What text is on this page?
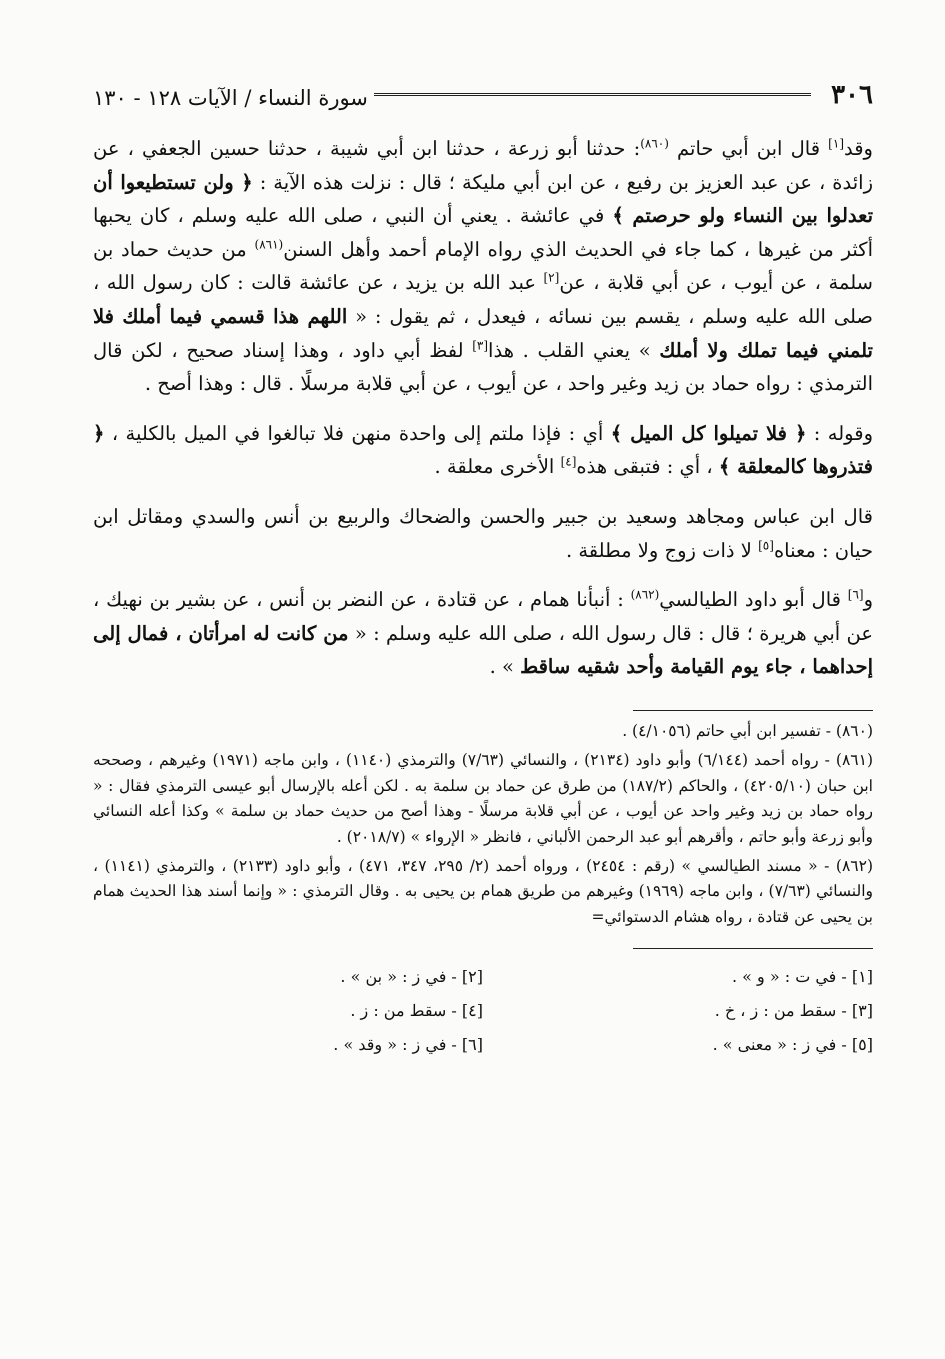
٣٠٦
سورة النساء / الآيات ١٢٨ - ١٣٠

وقد[١] قال ابن أبي حاتم $^{(٨٦٠)}$: حدثنا أبو زرعة ، حدثنا ابن أبي شيبة ، حدثنا حسين الجعفي ، عن زائدة ، عن عبد العزيز بن رفيع ، عن ابن أبي مليكة ؛ قال : نزلت هذه الآية : ﴿ ولن تستطيعوا أن تعدلوا بين النساء ولو حرصتم ﴾ في عائشة . يعني أن النبي ، صلى الله عليه وسلم ، كان يحبها أكثر من غيرها ، كما جاء في الحديث الذي رواه الإمام أحمد وأهل السنن$^{(٨٦١)}$ من حديث حماد بن سلمة ، عن أيوب ، عن أبي قلابة ، عن[٢] عبد الله بن يزيد ، عن عائشة قالت : كان رسول الله ، صلى الله عليه وسلم ، يقسم بين نسائه ، فيعدل ، ثم يقول : « اللهم هذا قسمي فيما أملك فلا تلمني فيما تملك ولا أملك » يعني القلب . هذا[٣] لفظ أبي داود ، وهذا إسناد صحيح ، لكن قال الترمذي : رواه حماد بن زيد وغير واحد ، عن أيوب ، عن أبي قلابة مرسلًا . قال : وهذا أصح .

وقوله : ﴿ فلا تميلوا كل الميل ﴾ أي : فإذا ملتم إلى واحدة منهن فلا تبالغوا في الميل بالكلية ، ﴿ فتذروها كالمعلقة ﴾ ، أي : فتبقى هذه[٤] الأخرى معلقة .

قال ابن عباس ومجاهد وسعيد بن جبير والحسن والضحاك والربيع بن أنس والسدي ومقاتل ابن حيان : معناه[٥] لا ذات زوج ولا مطلقة .

و[٦] قال أبو داود الطيالسي$^{(٨٦٢)}$ : أنبأنا همام ، عن قتادة ، عن النضر بن أنس ، عن بشير بن نهيك ، عن أبي هريرة ؛ قال : قال رسول الله ، صلى الله عليه وسلم : « من كانت له امرأتان ، فمال إلى إحداهما ، جاء يوم القيامة وأحد شقيه ساقط » .

(٨٦٠) - تفسير ابن أبي حاتم (٤/١٠٥٦) .

(٨٦١) - رواه أحمد (٦/١٤٤) وأبو داود (٢١٣٤) ، والنسائي (٧/٦٣) والترمذي (١١٤٠) ، وابن ماجه (١٩٧١) وغيرهم ، وصححه ابن حبان (٤٢٠٥/١٠) ، والحاكم (١٨٧/٢) من طرق عن حماد بن سلمة به . لكن أعله بالإرسال أبو عيسى الترمذي فقال : « رواه حماد بن زيد وغير واحد عن أيوب ، عن أبي قلابة مرسلًا - وهذا أصح من حديث حماد بن سلمة » وكذا أعله النسائي وأبو زرعة وأبو حاتم ، وأقرهم أبو عبد الرحمن الألباني ، فانظر « الإرواء » (٢٠١٨/٧) .

(٨٦٢) - « مسند الطيالسي » (رقم : ٢٤٥٤) ، ورواه أحمد (٢/ ٢٩٥، ٣٤٧، ٤٧١) ، وأبو داود (٢١٣٣) ، والترمذي (١١٤١) ، والنسائي (٧/٦٣) ، وابن ماجه (١٩٦٩) وغيرهم من طريق همام بن يحيى به . وقال الترمذي : « وإنما أسند هذا الحديث همام بن يحيى عن قتادة ، رواه هشام الدستوائي=

[١] - في ت : « و » .
[٢] - في ز : « بن » .
[٣] - سقط من : ز ، خ .
[٤] - سقط من : ز .
[٥] - في ز : « معنى » .
[٦] - في ز : « وقد » .
